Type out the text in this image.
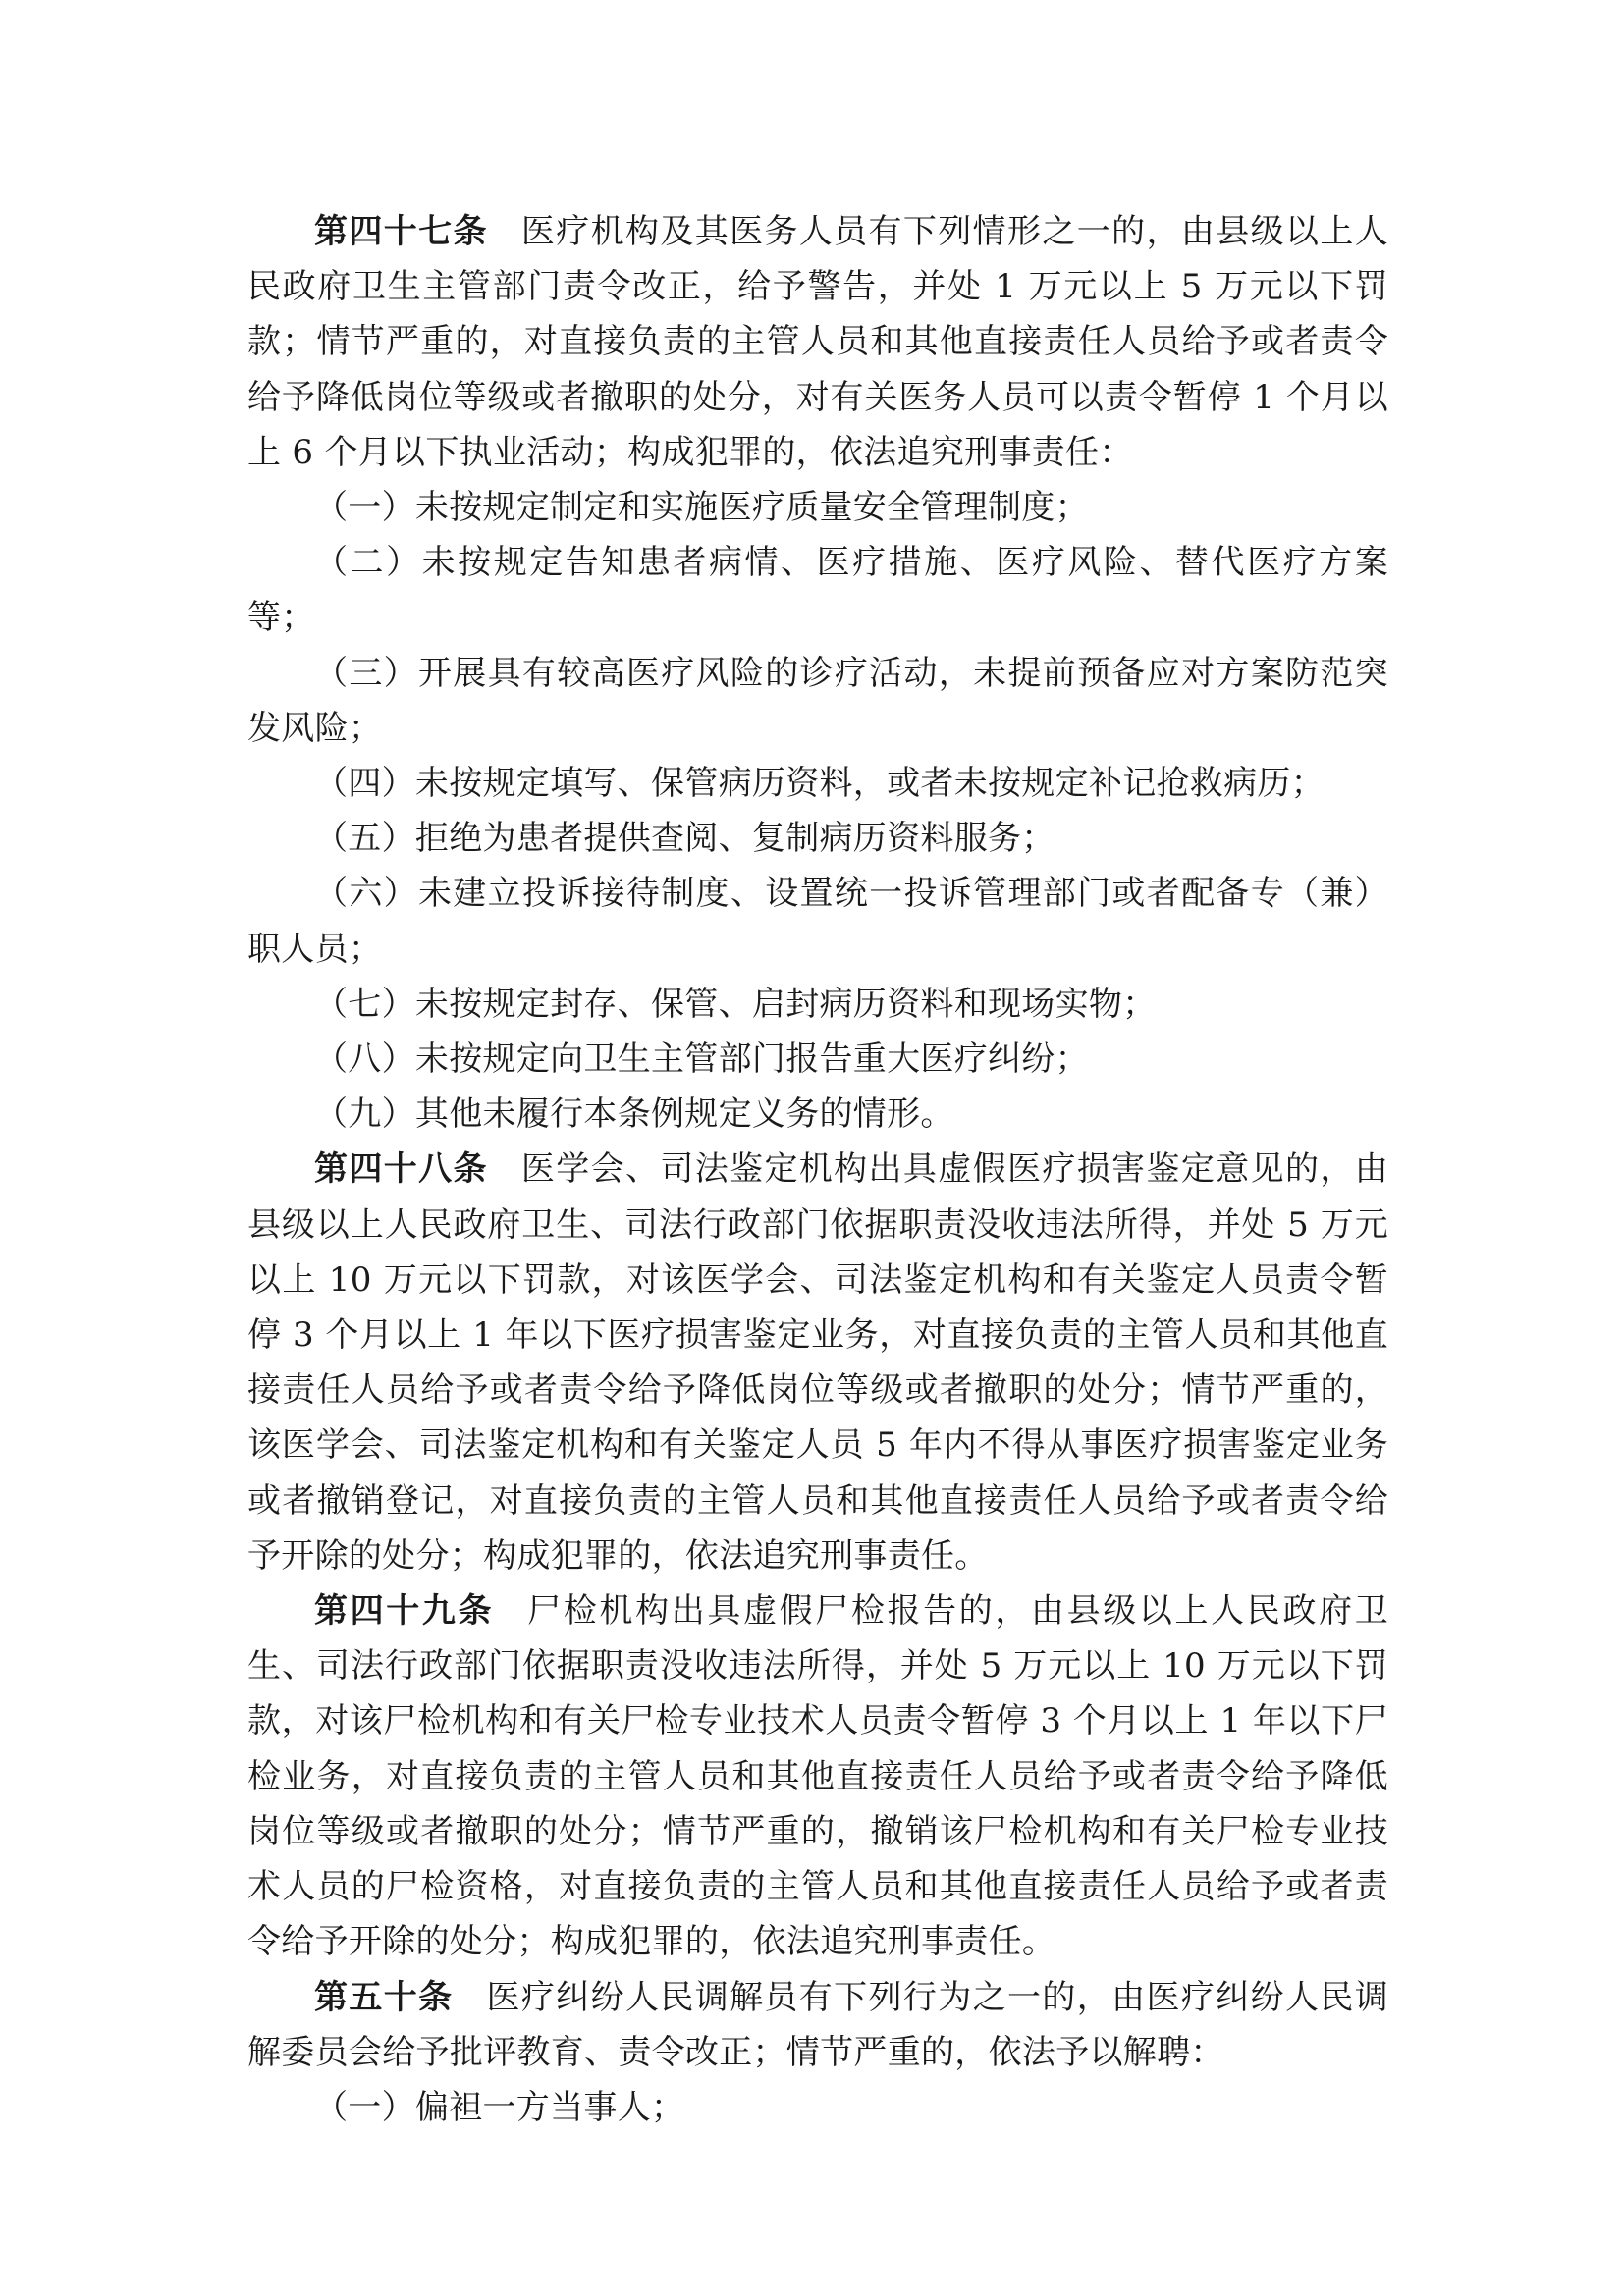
第四十七条 医疗机构及其医务人员有下列情形之一的，由县级以上人民政府卫生主管部门责令改正，给予警告，并处 1 万元以上 5 万元以下罚款；情节严重的，对直接负责的主管人员和其他直接责任人员给予或者责令给予降低岗位等级或者撤职的处分，对有关医务人员可以责令暂停 1 个月以上 6 个月以下执业活动；构成犯罪的，依法追究刑事责任：

（一）未按规定制定和实施医疗质量安全管理制度；

（二）未按规定告知患者病情、医疗措施、医疗风险、替代医疗方案等；

（三）开展具有较高医疗风险的诊疗活动，未提前预备应对方案防范突发风险；

（四）未按规定填写、保管病历资料，或者未按规定补记抢救病历；

（五）拒绝为患者提供查阅、复制病历资料服务；

（六）未建立投诉接待制度、设置统一投诉管理部门或者配备专（兼）职人员；

（七）未按规定封存、保管、启封病历资料和现场实物；

（八）未按规定向卫生主管部门报告重大医疗纠纷；

（九）其他未履行本条例规定义务的情形。

第四十八条 医学会、司法鉴定机构出具虚假医疗损害鉴定意见的，由县级以上人民政府卫生、司法行政部门依据职责没收违法所得，并处 5 万元以上 10 万元以下罚款，对该医学会、司法鉴定机构和有关鉴定人员责令暂停 3 个月以上 1 年以下医疗损害鉴定业务，对直接负责的主管人员和其他直接责任人员给予或者责令给予降低岗位等级或者撤职的处分；情节严重的，该医学会、司法鉴定机构和有关鉴定人员 5 年内不得从事医疗损害鉴定业务或者撤销登记，对直接负责的主管人员和其他直接责任人员给予或者责令给予开除的处分；构成犯罪的，依法追究刑事责任。

第四十九条 尸检机构出具虚假尸检报告的，由县级以上人民政府卫生、司法行政部门依据职责没收违法所得，并处 5 万元以上 10 万元以下罚款，对该尸检机构和有关尸检专业技术人员责令暂停 3 个月以上 1 年以下尸检业务，对直接负责的主管人员和其他直接责任人员给予或者责令给予降低岗位等级或者撤职的处分；情节严重的，撤销该尸检机构和有关尸检专业技术人员的尸检资格，对直接负责的主管人员和其他直接责任人员给予或者责令给予开除的处分；构成犯罪的，依法追究刑事责任。

第五十条 医疗纠纷人民调解员有下列行为之一的，由医疗纠纷人民调解委员会给予批评教育、责令改正；情节严重的，依法予以解聘：

（一）偏袒一方当事人；
